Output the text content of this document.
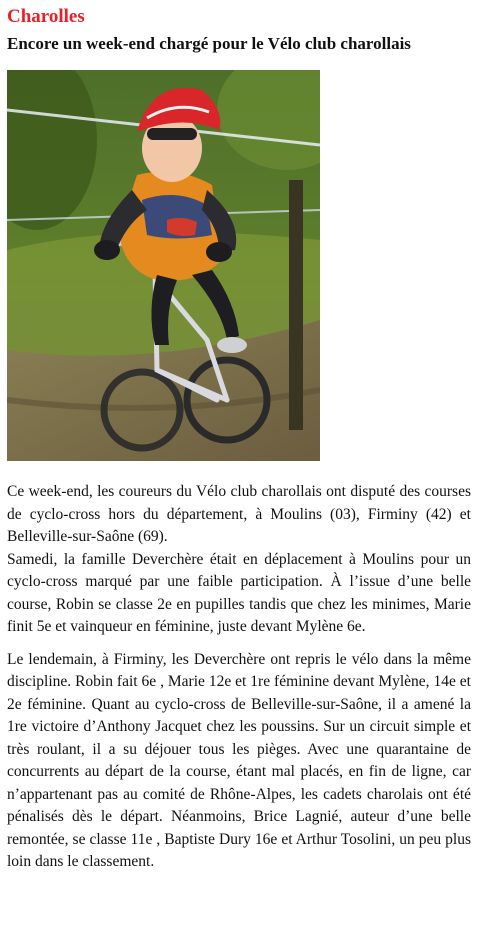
Charolles
Encore un week-end chargé pour le Vélo club charollais

Ce week-end, les coureurs du Vélo club charollais ont disputé des courses de cyclo-cross hors du département, à Moulins (03), Firminy (42) et Belleville-sur-Saône (69).

Samedi, la famille Deverchère était en déplacement à Moulins pour un cyclo-cross marqué par une faible participation. À l’issue d’une belle course, Robin se classe 2e en pupilles tandis que chez les minimes, Marie finit 5e et vainqueur en féminine, juste devant Mylène 6e.

Le lendemain, à Firminy, les Deverchère ont repris le vélo dans la même discipline. Robin fait 6e , Marie 12e et 1re féminine devant Mylène, 14e et 2e féminine. Quant au cyclo-cross de Belleville-sur-Saône, il a amené la 1re victoire d’Anthony Jacquet chez les poussins. Sur un circuit simple et très roulant, il a su déjouer tous les pièges. Avec une quarantaine de concurrents au départ de la course, étant mal placés, en fin de ligne, car n’appartenant pas au comité de Rhône-Alpes, les cadets charolais ont été pénalisés dès le départ. Néanmoins, Brice Lagnié, auteur d’une belle remontée, se classe 11e , Baptiste Dury 16e et Arthur Tosolini, un peu plus loin dans le classement.
